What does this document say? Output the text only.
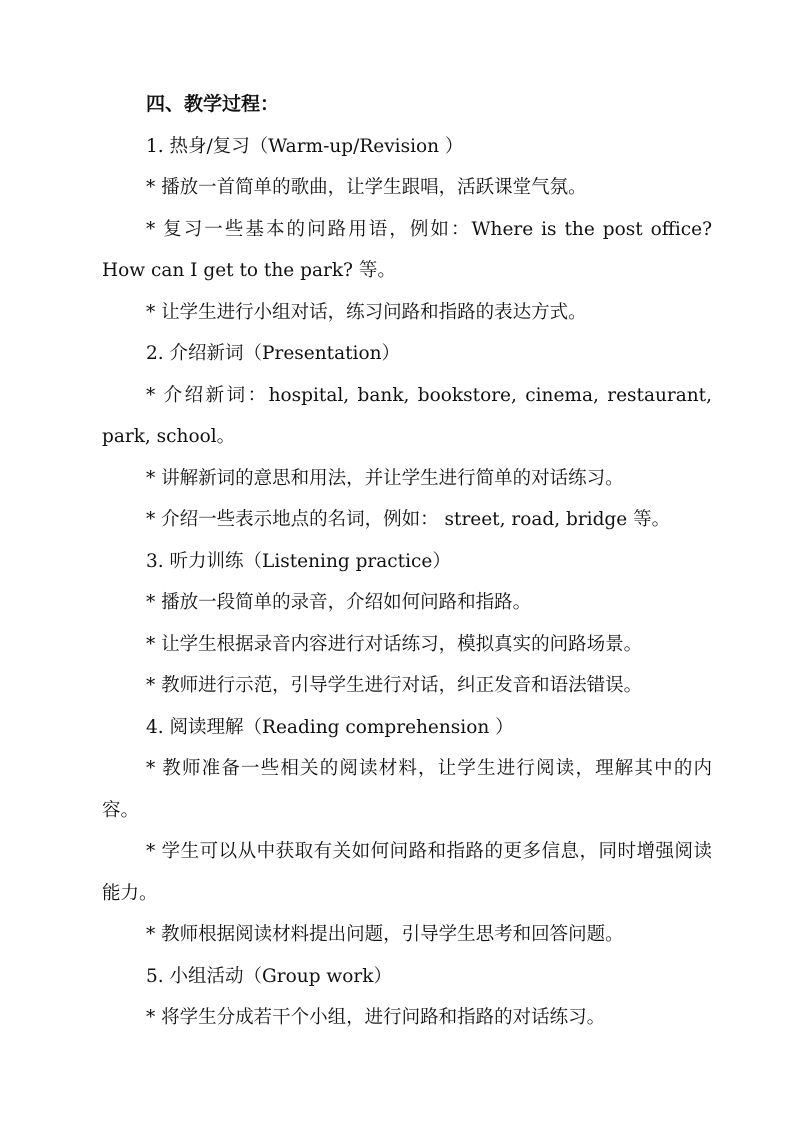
四、教学过程：
1. 热身/复习（Warm-up/Revision ）
* 播放一首简单的歌曲，让学生跟唱，活跃课堂气氛。
* 复习一些基本的问路用语，例如：Where is the post office? How can I get to the park? 等。
* 让学生进行小组对话，练习问路和指路的表达方式。
2. 介绍新词（Presentation）
* 介绍新词：hospital, bank, bookstore, cinema, restaurant, park, school。
* 讲解新词的意思和用法，并让学生进行简单的对话练习。
* 介绍一些表示地点的名词，例如： street, road, bridge 等。
3. 听力训练（Listening practice）
* 播放一段简单的录音，介绍如何问路和指路。
* 让学生根据录音内容进行对话练习，模拟真实的问路场景。
* 教师进行示范，引导学生进行对话，纠正发音和语法错误。
4. 阅读理解（Reading comprehension ）
* 教师准备一些相关的阅读材料，让学生进行阅读，理解其中的内容。
* 学生可以从中获取有关如何问路和指路的更多信息，同时增强阅读能力。
* 教师根据阅读材料提出问题，引导学生思考和回答问题。
5. 小组活动（Group work）
* 将学生分成若干个小组，进行问路和指路的对话练习。
